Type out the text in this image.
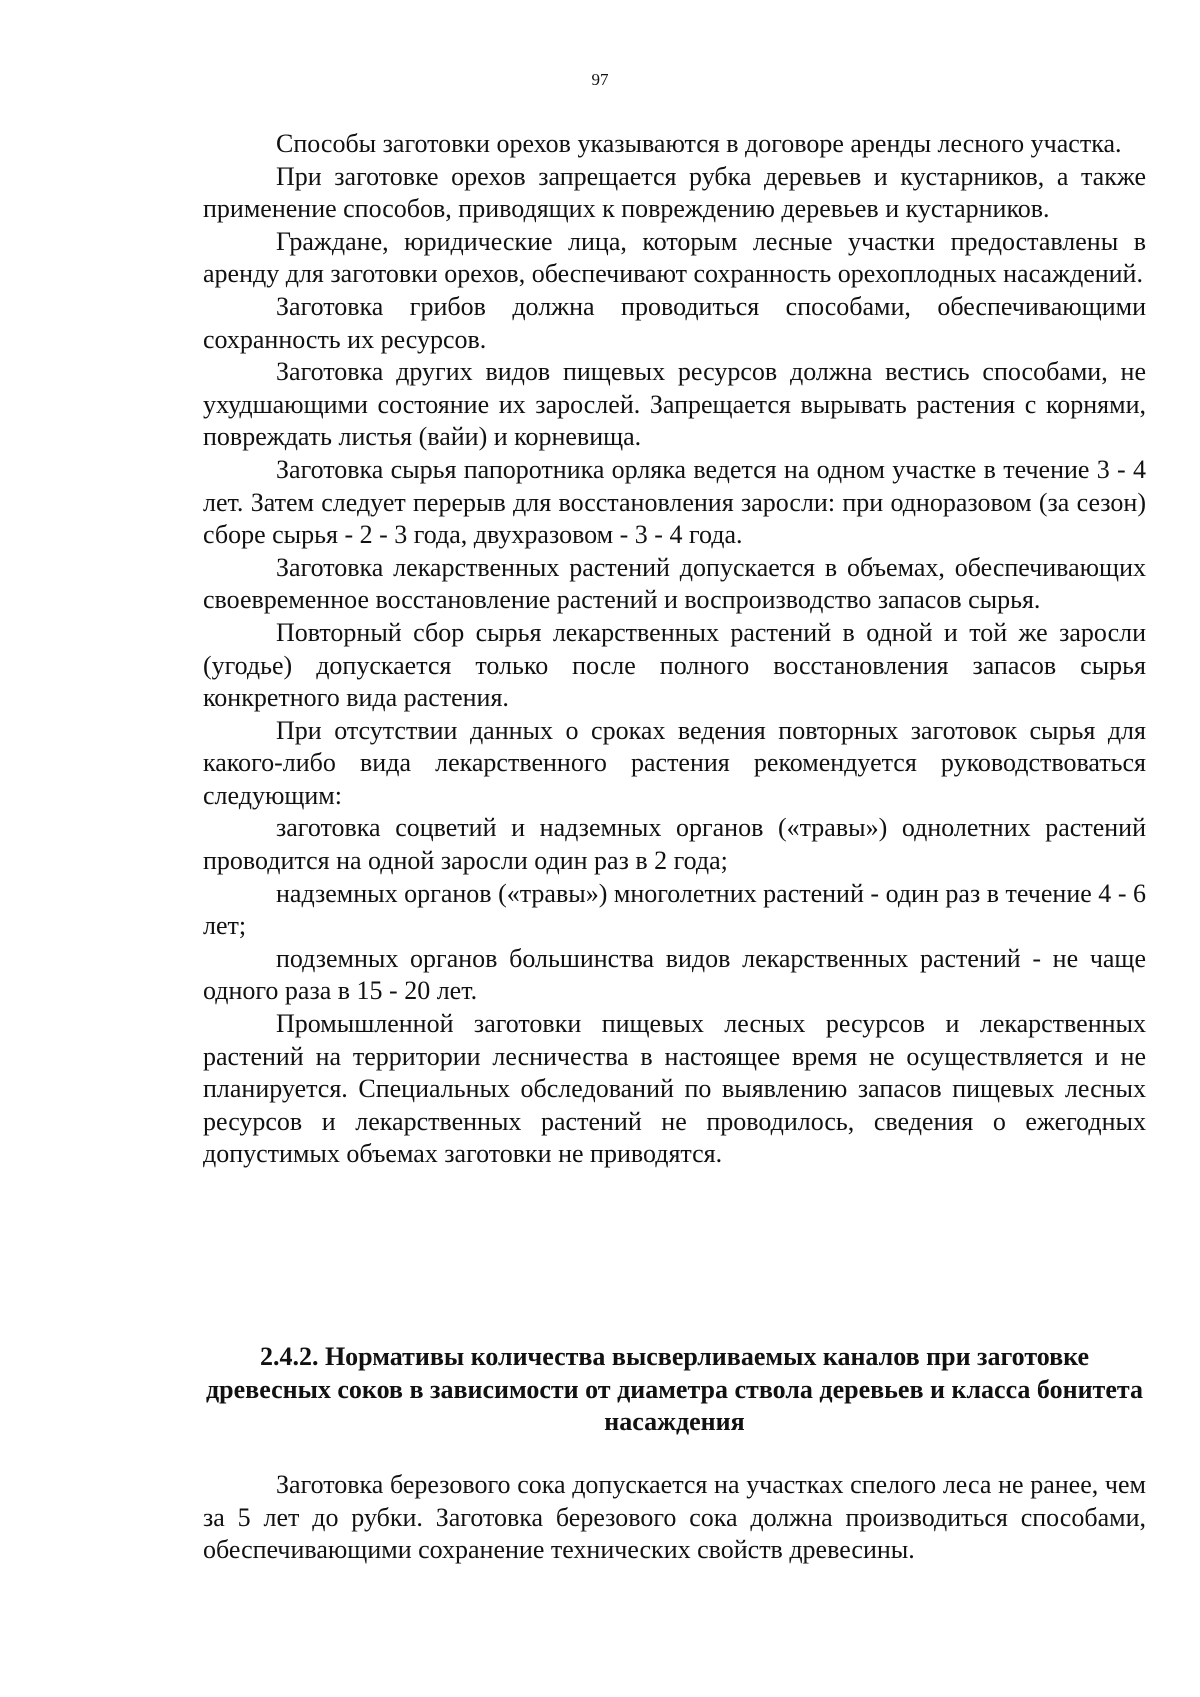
97

Способы заготовки орехов указываются в договоре аренды лесного участка.

При заготовке орехов запрещается рубка деревьев и кустарников, а также применение способов, приводящих к повреждению деревьев и кустарников.

Граждане, юридические лица, которым лесные участки предоставлены в аренду для заготовки орехов, обеспечивают сохранность орехоплодных насаждений.

Заготовка грибов должна проводиться способами, обеспечивающими сохранность их ресурсов.

Заготовка других видов пищевых ресурсов должна вестись способами, не ухудшающими состояние их зарослей. Запрещается вырывать растения с корнями, повреждать листья (вайи) и корневища.

Заготовка сырья папоротника орляка ведется на одном участке в течение 3 - 4 лет. Затем следует перерыв для восстановления заросли: при одноразовом (за сезон) сборе сырья - 2 - 3 года, двухразовом - 3 - 4 года.

Заготовка лекарственных растений допускается в объемах, обеспечивающих своевременное восстановление растений и воспроизводство запасов сырья.

Повторный сбор сырья лекарственных растений в одной и той же заросли (угодье) допускается только после полного восстановления запасов сырья конкретного вида растения.

При отсутствии данных о сроках ведения повторных заготовок сырья для какого-либо вида лекарственного растения рекомендуется руководствоваться следующим:

заготовка соцветий и надземных органов («травы») однолетних растений проводится на одной заросли один раз в 2 года;

надземных органов («травы») многолетних растений - один раз в течение 4 - 6 лет;

подземных органов большинства видов лекарственных растений - не чаще одного раза в 15 - 20 лет.

Промышленной заготовки пищевых лесных ресурсов и лекарственных растений на территории лесничества в настоящее время не осуществляется и не планируется. Специальных обследований по выявлению запасов пищевых лесных ресурсов и лекарственных растений не проводилось, сведения о ежегодных допустимых объемах заготовки не приводятся.

2.4.2. Нормативы количества высверливаемых каналов при заготовке древесных соков в зависимости от диаметра ствола деревьев и класса бонитета насаждения

Заготовка березового сока допускается на участках спелого леса не ранее, чем за 5 лет до рубки. Заготовка березового сока должна производиться способами, обеспечивающими сохранение технических свойств древесины.
